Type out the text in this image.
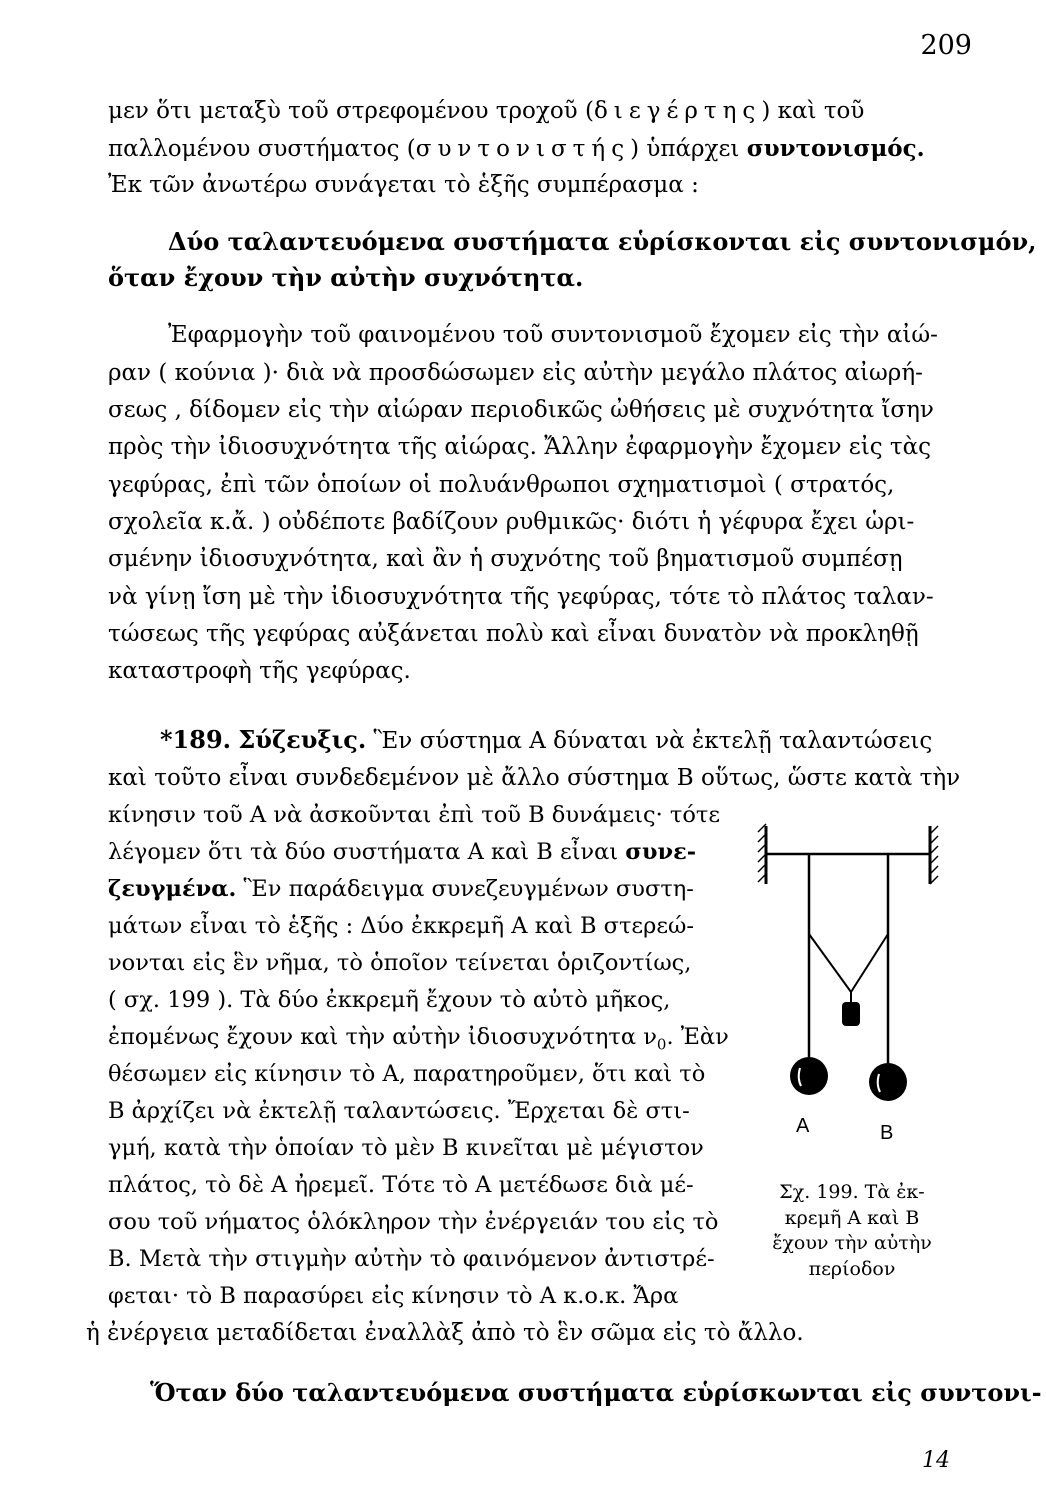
209
μεν ὅτι μεταξὺ τοῦ στρεφομένου τροχοῦ (διεγέρτης) καὶ τοῦ
παλλομένου συστήματος (συντονιστής) ὑπάρχει συντονισμός.
Ἐκ τῶν ἀνωτέρω συνάγεται τὸ ἑξῆς συμπέρασμα :
Δύο ταλαντευόμενα συστήματα εὑρίσκονται εἰς συντονισμόν,
ὅταν ἔχουν τὴν αὐτὴν συχνότητα.
Ἐφαρμογὴν τοῦ φαινομένου τοῦ συντονισμοῦ ἔχομεν εἰς τὴν αἰώ-
ραν ( κούνια )· διὰ νὰ προσδώσωμεν εἰς αὐτὴν μεγάλο πλάτος αἰωρή-
σεως , δίδομεν εἰς τὴν αἰώραν περιοδικῶς ὠθήσεις μὲ συχνότητα ἴσην
πρὸς τὴν ἰδιοσυχνότητα τῆς αἰώρας. Ἄλλην ἐφαρμογὴν ἔχομεν εἰς τὰς
γεφύρας, ἐπὶ τῶν ὁποίων οἱ πολυάνθρωποι σχηματισμοὶ ( στρατός,
σχολεῖα κ.ἄ. ) οὐδέποτε βαδίζουν ρυθμικῶς· διότι ἡ γέφυρα ἔχει ὡρι-
σμένην ἰδιοσυχνότητα, καὶ ἂν ἡ συχνότης τοῦ βηματισμοῦ συμπέσῃ
νὰ γίνῃ ἴση μὲ τὴν ἰδιοσυχνότητα τῆς γεφύρας, τότε τὸ πλάτος ταλαν-
τώσεως τῆς γεφύρας αὐξάνεται πολὺ καὶ εἶναι δυνατὸν νὰ προκληθῇ
καταστροφὴ τῆς γεφύρας.
*189. Σύζευξις. Ἓν σύστημα Α δύναται νὰ ἐκτελῇ ταλαντώσεις
καὶ τοῦτο εἶναι συνδεδεμένον μὲ ἄλλο σύστημα Β οὕτως, ὥστε κατὰ τὴν
κίνησιν τοῦ Α νὰ ἀσκοῦνται ἐπὶ τοῦ Β δυνάμεις· τότε
λέγομεν ὅτι τὰ δύο συστήματα Α καὶ Β εἶναι συνε-
ζευγμένα. Ἓν παράδειγμα συνεζευγμένων συστη-
μάτων εἶναι τὸ ἑξῆς : Δύο ἐκκρεμῆ Α καὶ Β στερεώ-
νονται εἰς ἓν νῆμα, τὸ ὁποῖον τείνεται ὁριζοντίως,
( σχ. 199 ). Τὰ δύο ἐκκρεμῆ ἔχουν τὸ αὐτὸ μῆκος,
ἐπομένως ἔχουν καὶ τὴν αὐτὴν ἰδιοσυχνότητα $\nu_0$. Ἐὰν
θέσωμεν εἰς κίνησιν τὸ Α, παρατηροῦμεν, ὅτι καὶ τὸ
Β ἀρχίζει νὰ ἐκτελῇ ταλαντώσεις. Ἔρχεται δὲ στι-
γμή, κατὰ τὴν ὁποίαν τὸ μὲν Β κινεῖται μὲ μέγιστον
πλάτος, τὸ δὲ Α ἠρεμεῖ. Τότε τὸ Α μετέδωσε διὰ μέ-
σου τοῦ νήματος ὁλόκληρον τὴν ἐνέργειάν του εἰς τὸ
Β. Μετὰ τὴν στιγμὴν αὐτὴν τὸ φαινόμενον ἀντιστρέ-
φεται· τὸ Β παρασύρει εἰς κίνησιν τὸ Α κ.ο.κ. Ἄρα
ἡ ἐνέργεια μεταδίδεται ἐναλλὰξ ἀπὸ τὸ ἓν σῶμα εἰς τὸ ἄλλο.
Ὅταν δύο ταλαντευόμενα συστήματα εὑρίσκωνται εἰς συντονι-
A	B
Σχ. 199. Τὰ ἐκ-
κρεμῆ Α καὶ Β
ἔχουν τὴν αὐτὴν
περίοδον
14
